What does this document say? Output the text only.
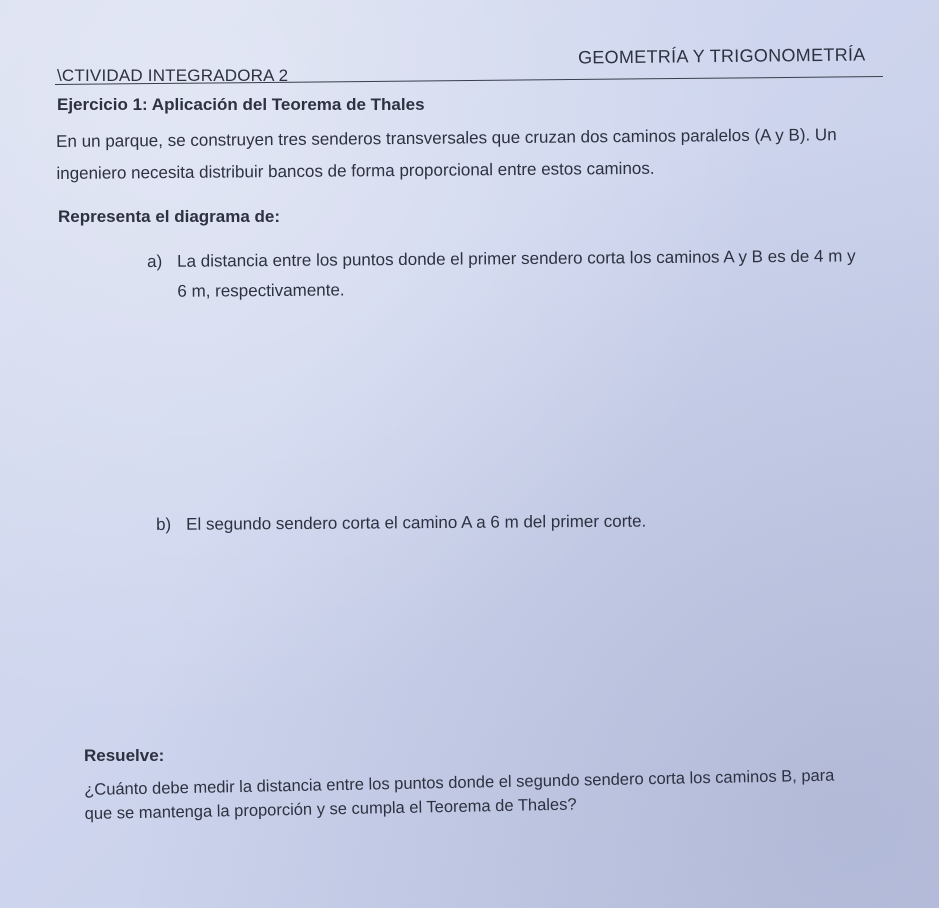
\CTIVIDAD INTEGRADORA 2
GEOMETRÍA Y TRIGONOMETRÍA
Ejercicio 1: Aplicación del Teorema de Thales
En un parque, se construyen tres senderos transversales que cruzan dos caminos paralelos (A y B). Un
ingeniero necesita distribuir bancos de forma proporcional entre estos caminos.
Representa el diagrama de:
a) La distancia entre los puntos donde el primer sendero corta los caminos A y B es de 4 m y
6 m, respectivamente.
b) El segundo sendero corta el camino A a 6 m del primer corte.
Resuelve:
¿Cuánto debe medir la distancia entre los puntos donde el segundo sendero corta los caminos B, para
que se mantenga la proporción y se cumpla el Teorema de Thales?
